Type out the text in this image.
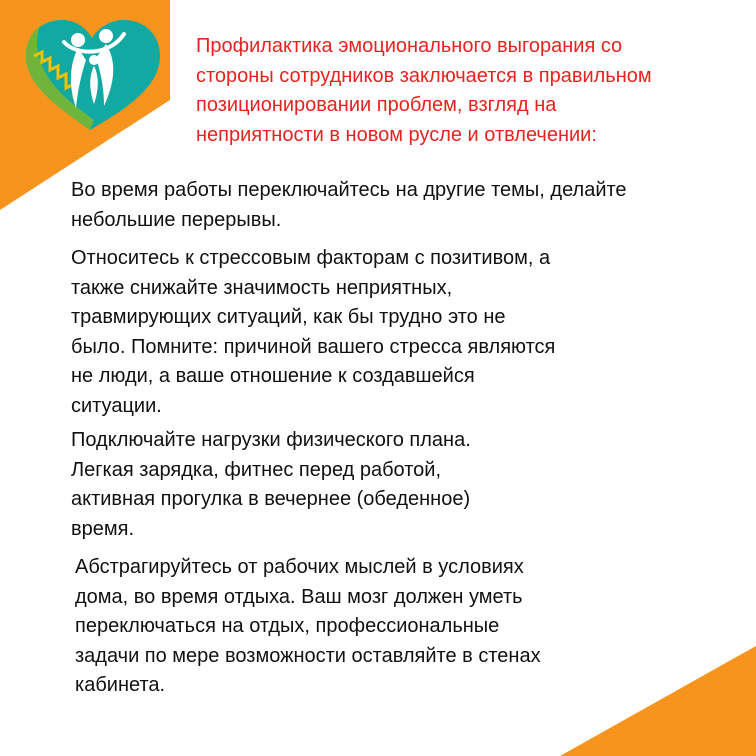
Профилактика эмоционального выгорания со
стороны сотрудников заключается в правильном
позиционировании проблем, взгляд на
неприятности в новом русле и отвлечении:

Во время работы переключайтесь на другие темы, делайте
небольшие перерывы.

Относитесь к стрессовым факторам с позитивом, а
также снижайте значимость неприятных,
травмирующих ситуаций, как бы трудно это не
было. Помните: причиной вашего стресса являются
не люди, а ваше отношение к создавшейся
ситуации.

Подключайте нагрузки физического плана.
Легкая зарядка, фитнес перед работой,
активная прогулка в вечернее (обеденное)
время.

Абстрагируйтесь от рабочих мыслей в условиях
дома, во время отдыха. Ваш мозг должен уметь
переключаться на отдых, профессиональные
задачи по мере возможности оставляйте в стенах
кабинета.
